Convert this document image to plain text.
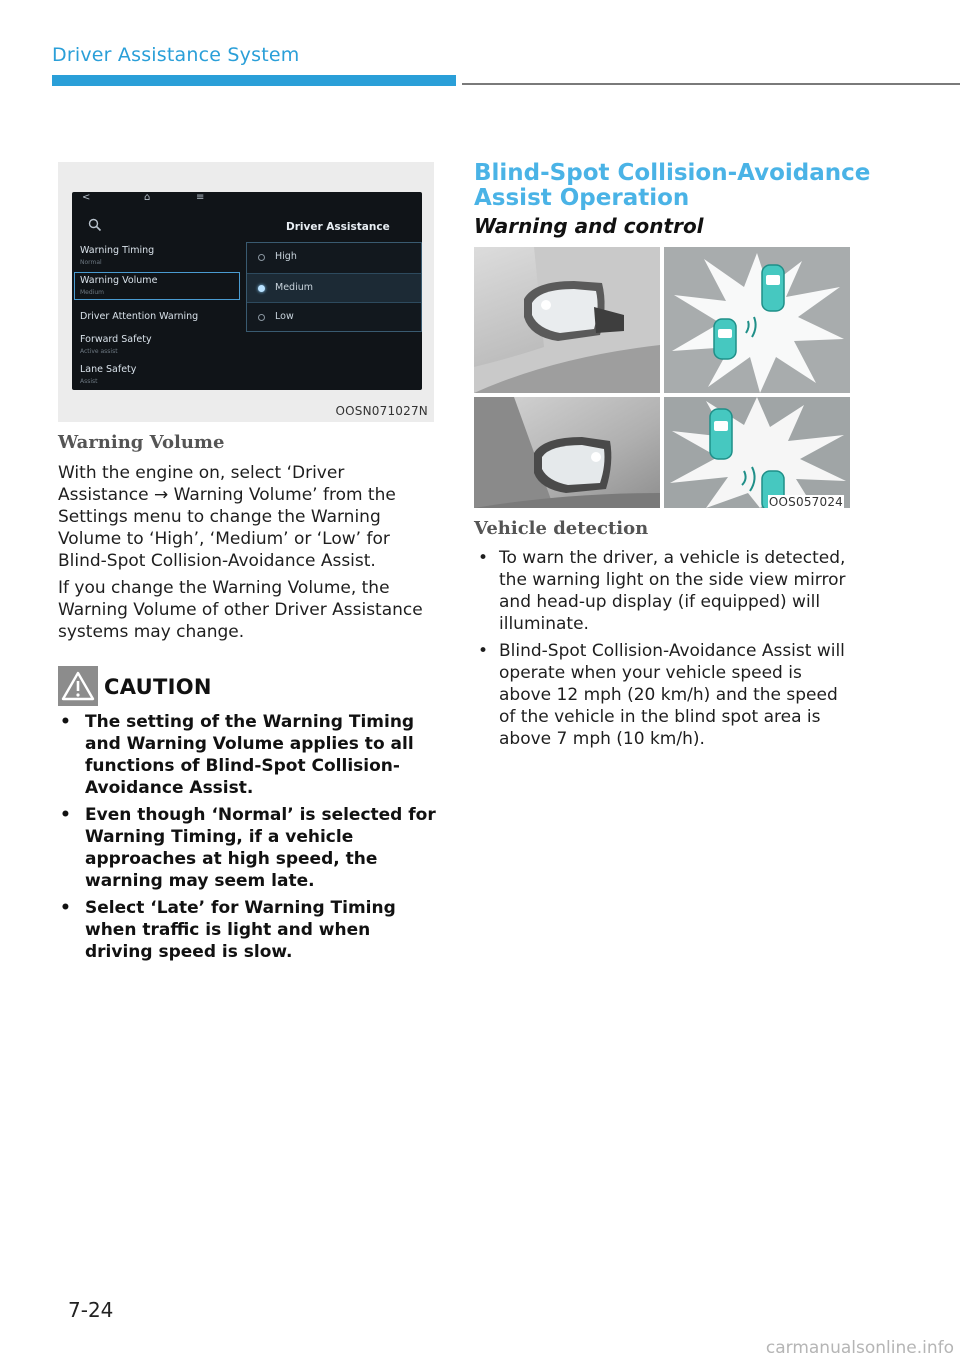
Driver Assistance System
<	⌂	≡
Driver Assistance
Warning Timing
Normal
Warning Volume
Medium
Driver Attention Warning
Forward Safety
Active assist
Lane Safety
Assist
High
Medium
Low
OOSN071027N
Warning Volume
With the engine on, select ‘Driver Assistance → Warning Volume’ from the Settings menu to change the Warning Volume to ‘High’, ‘Medium’ or ‘Low’ for Blind-Spot Collision-Avoidance Assist.
If you change the Warning Volume, the Warning Volume of other Driver Assistance systems may change.
CAUTION
• The setting of the Warning Timing and Warning Volume applies to all functions of Blind-Spot Collision-Avoidance Assist.
• Even though ‘Normal’ is selected for Warning Timing, if a vehicle approaches at high speed, the warning may seem late.
• Select ‘Late’ for Warning Timing when traffic is light and when driving speed is slow.
Blind-Spot Collision-Avoidance Assist Operation
Warning and control
OOS057024
Vehicle detection
• To warn the driver, a vehicle is detected, the warning light on the side view mirror and head-up display (if equipped) will illuminate.
• Blind-Spot Collision-Avoidance Assist will operate when your vehicle speed is above 12 mph (20 km/h) and the speed of the vehicle in the blind spot area is above 7 mph (10 km/h).
7-24
carmanualsonline.info
